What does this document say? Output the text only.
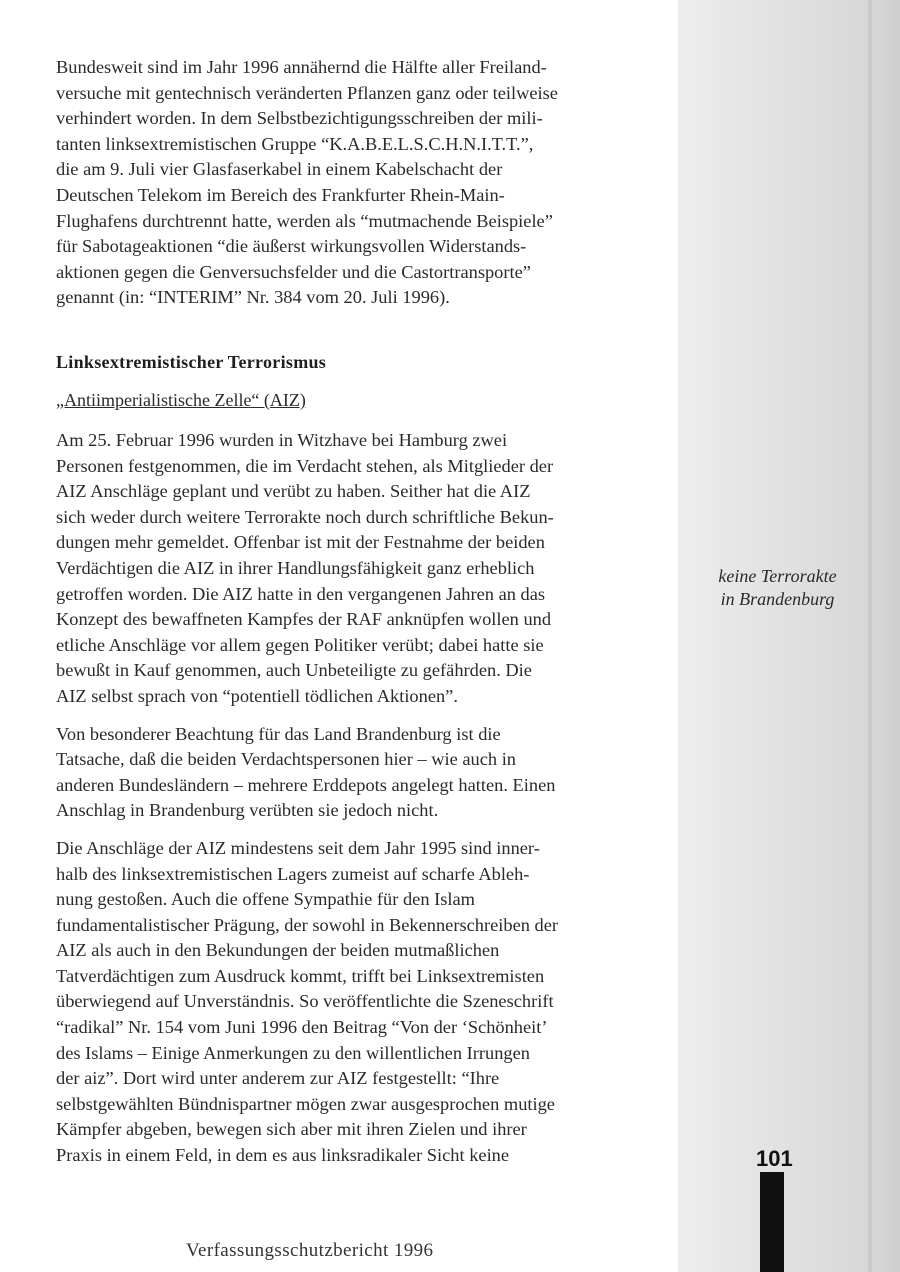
Bundesweit sind im Jahr 1996 annähernd die Hälfte aller Freiland-
versuche mit gentechnisch veränderten Pflanzen ganz oder teilweise
verhindert worden. In dem Selbstbezichtigungsschreiben der mili-
tanten linksextremistischen Gruppe “K.A.B.E.L.S.C.H.N.I.T.T.”,
die am 9. Juli vier Glasfaserkabel in einem Kabelschacht der
Deutschen Telekom im Bereich des Frankfurter Rhein-Main-
Flughafens durchtrennt hatte, werden als “mutmachende Beispiele”
für Sabotageaktionen “die äußerst wirkungsvollen Widerstands-
aktionen gegen die Genversuchsfelder und die Castortransporte”
genannt (in: “INTERIM” Nr. 384 vom 20. Juli 1996).

Linksextremistischer Terrorismus
„Antiimperialistische Zelle“ (AIZ)

Am 25. Februar 1996 wurden in Witzhave bei Hamburg zwei
Personen festgenommen, die im Verdacht stehen, als Mitglieder der
AIZ Anschläge geplant und verübt zu haben. Seither hat die AIZ
sich weder durch weitere Terrorakte noch durch schriftliche Bekun-
dungen mehr gemeldet. Offenbar ist mit der Festnahme der beiden
Verdächtigen die AIZ in ihrer Handlungsfähigkeit ganz erheblich
getroffen worden. Die AIZ hatte in den vergangenen Jahren an das
Konzept des bewaffneten Kampfes der RAF anknüpfen wollen und
etliche Anschläge vor allem gegen Politiker verübt; dabei hatte sie
bewußt in Kauf genommen, auch Unbeteiligte zu gefährden. Die
AIZ selbst sprach von “potentiell tödlichen Aktionen”.

Von besonderer Beachtung für das Land Brandenburg ist die
Tatsache, daß die beiden Verdachtspersonen hier – wie auch in
anderen Bundesländern – mehrere Erddepots angelegt hatten. Einen
Anschlag in Brandenburg verübten sie jedoch nicht.

Die Anschläge der AIZ mindestens seit dem Jahr 1995 sind inner-
halb des linksextremistischen Lagers zumeist auf scharfe Ableh-
nung gestoßen. Auch die offene Sympathie für den Islam
fundamentalistischer Prägung, der sowohl in Bekennerschreiben der
AIZ als auch in den Bekundungen der beiden mutmaßlichen
Tatverdächtigen zum Ausdruck kommt, trifft bei Linksextremisten
überwiegend auf Unverständnis. So veröffentlichte die Szeneschrift
“radikal” Nr. 154 vom Juni 1996 den Beitrag “Von der ‘Schönheit’
des Islams – Einige Anmerkungen zu den willentlichen Irrungen
der aiz”. Dort wird unter anderem zur AIZ festgestellt: “Ihre
selbstgewählten Bündnispartner mögen zwar ausgesprochen mutige
Kämpfer abgeben, bewegen sich aber mit ihren Zielen und ihrer
Praxis in einem Feld, in dem es aus linksradikaler Sicht keine

keine Terrorakte
in Brandenburg
101
Verfassungsschutzbericht 1996
